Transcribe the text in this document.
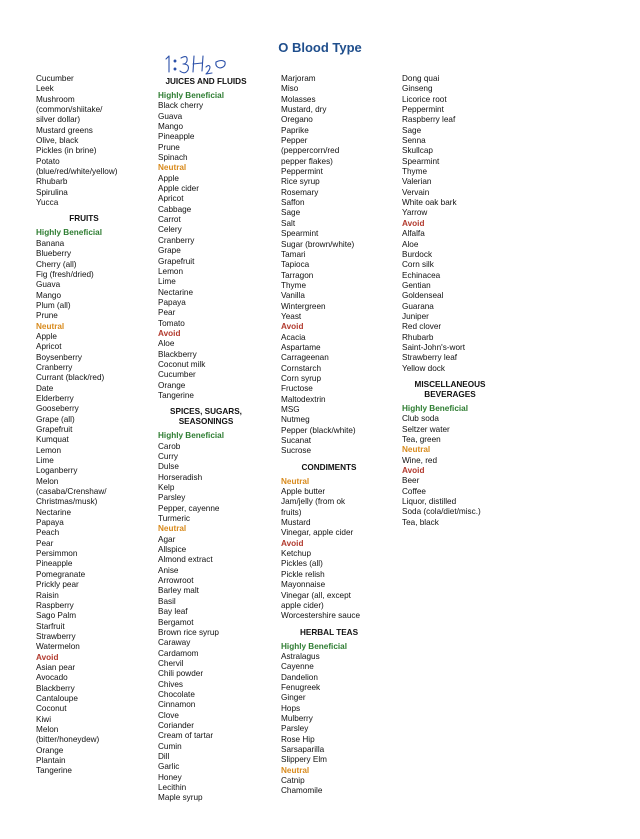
O Blood Type
Cucumber
Leek
Mushroom
(common/shiitake/
silver dollar)
Mustard greens
Olive, black
Pickles (in brine)
Potato
(blue/red/white/yellow)
Rhubarb
Spirulina
Yucca
FRUITS
Highly Beneficial
Banana
Blueberry
Cherry (all)
Fig (fresh/dried)
Guava
Mango
Plum (all)
Prune
Neutral
Apple
Apricot
Boysenberry
Cranberry
Currant (black/red)
Date
Elderberry
Gooseberry
Grape (all)
Grapefruit
Kumquat
Lemon
Lime
Loganberry
Melon
(casaba/Crenshaw/
Christmas/musk)
Nectarine
Papaya
Peach
Pear
Persimmon
Pineapple
Pomegranate
Prickly pear
Raisin
Raspberry
Sago Palm
Starfruit
Strawberry
Watermelon
Avoid
Asian pear
Avocado
Blackberry
Cantaloupe
Coconut
Kiwi
Melon
(bitter/honeydew)
Orange
Plantain
Tangerine
JUICES AND FLUIDS
Highly Beneficial
Black cherry
Guava
Mango
Pineapple
Prune
Spinach
Neutral
Apple
Apple cider
Apricot
Cabbage
Carrot
Celery
Cranberry
Grape
Grapefruit
Lemon
Lime
Nectarine
Papaya
Pear
Tomato
Avoid
Aloe
Blackberry
Coconut milk
Cucumber
Orange
Tangerine
SPICES, SUGARS, SEASONINGS
Highly Beneficial
Carob
Curry
Dulse
Horseradish
Kelp
Parsley
Pepper, cayenne
Turmeric
Neutral
Agar
Allspice
Almond extract
Anise
Arrowroot
Barley malt
Basil
Bay leaf
Bergamot
Brown rice syrup
Caraway
Cardamom
Chervil
Chili powder
Chives
Chocolate
Cinnamon
Clove
Coriander
Cream of tartar
Cumin
Dill
Garlic
Honey
Lecithin
Maple syrup
Marjoram
Miso
Molasses
Mustard, dry
Oregano
Paprike
Pepper
(peppercorn/red
pepper flakes)
Peppermint
Rice syrup
Rosemary
Saffon
Sage
Salt
Spearmint
Sugar (brown/white)
Tamari
Tapioca
Tarragon
Thyme
Vanilla
Wintergreen
Yeast
Avoid
Acacia
Aspartame
Carrageenan
Cornstarch
Corn syrup
Fructose
Maltodextrin
MSG
Nutmeg
Pepper (black/white)
Sucanat
Sucrose
CONDIMENTS
Neutral
Apple butter
Jam/jelly (from ok
fruits)
Mustard
Vinegar, apple cider
Avoid
Ketchup
Pickles (all)
Pickle relish
Mayonnaise
Vinegar (all, except
apple cider)
Worcestershire sauce
HERBAL TEAS
Highly Beneficial
Astralagus
Cayenne
Dandelion
Fenugreek
Ginger
Hops
Mulberry
Parsley
Rose Hip
Sarsaparilla
Slippery Elm
Neutral
Catnip
Chamomile
Dong quai
Ginseng
Licorice root
Peppermint
Raspberry leaf
Sage
Senna
Skullcap
Spearmint
Thyme
Valerian
Vervain
White oak bark
Yarrow
Avoid
Alfalfa
Aloe
Burdock
Corn silk
Echinacea
Gentian
Goldenseal
Guarana
Juniper
Red clover
Rhubarb
Saint-John's-wort
Strawberry leaf
Yellow dock
MISCELLANEOUS BEVERAGES
Highly Beneficial
Club soda
Seltzer water
Tea, green
Neutral
Wine, red
Avoid
Beer
Coffee
Liquor, distilled
Soda (cola/diet/misc.)
Tea, black
